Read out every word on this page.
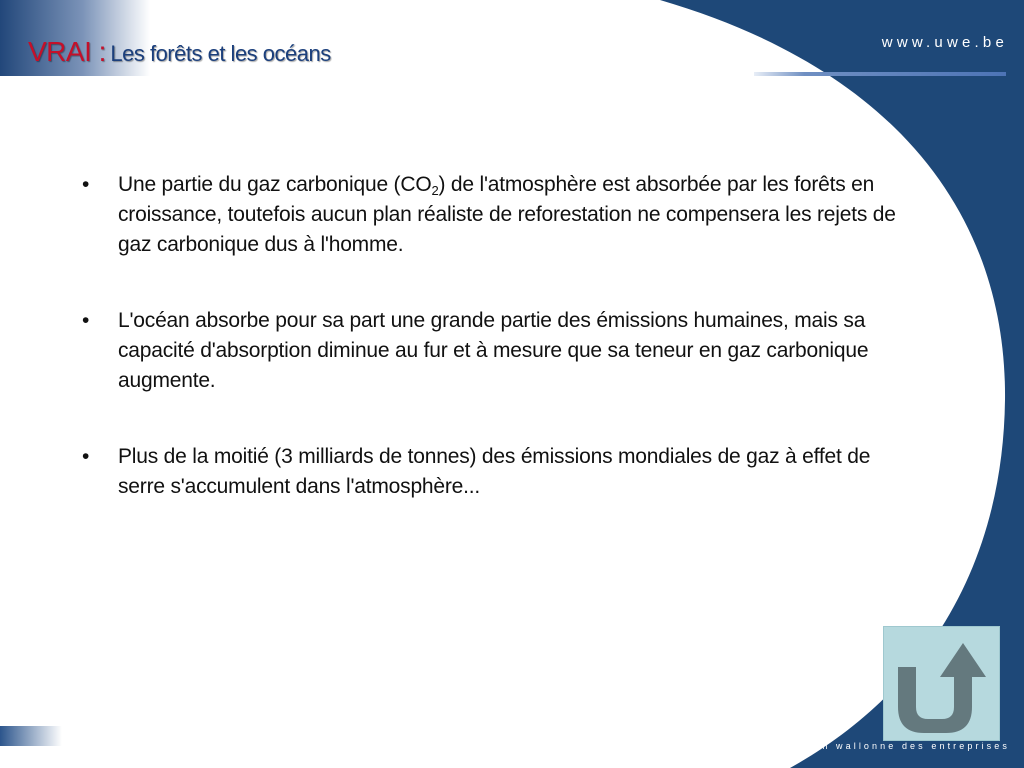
VRAI : Les forêts et les océans	www.uwe.be
• Une partie du gaz carbonique $(CO_2)$ de l'atmosphère est absorbée par les forêts en croissance, toutefois aucun plan réaliste de reforestation ne compensera les rejets de gaz carbonique dus à l'homme.
• L'océan absorbe pour sa part une grande partie des émissions humaines, mais sa capacité d'absorption diminue au fur et à mesure que sa teneur en gaz carbonique augmente.
• Plus de la moitié (3 milliards de tonnes) des émissions mondiales de gaz à effet de serre s'accumulent dans l'atmosphère...
union wallonne des entreprises
